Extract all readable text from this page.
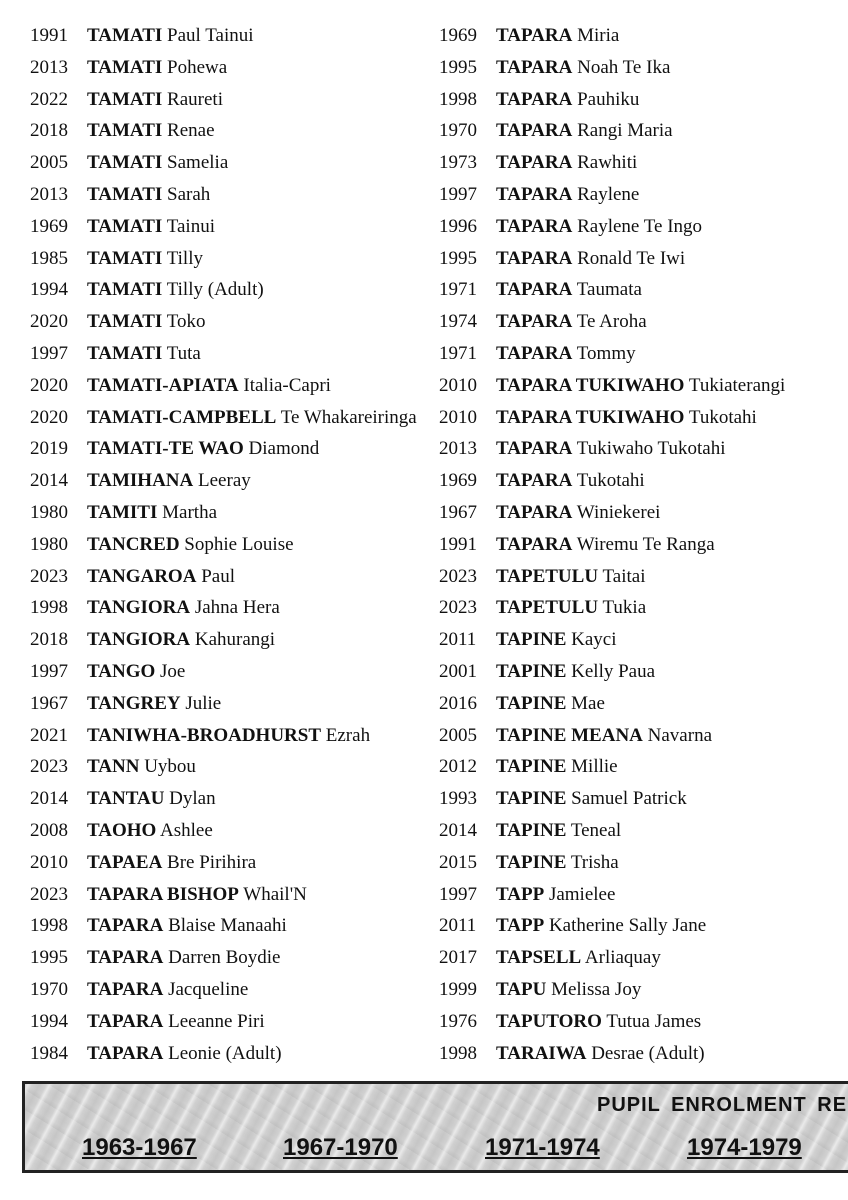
1991 TAMATI Paul Tainui
2013 TAMATI Pohewa
2022 TAMATI Raureti
2018 TAMATI Renae
2005 TAMATI Samelia
2013 TAMATI Sarah
1969 TAMATI Tainui
1985 TAMATI Tilly
1994 TAMATI Tilly (Adult)
2020 TAMATI Toko
1997 TAMATI Tuta
2020 TAMATI-APIATA Italia-Capri
2020 TAMATI-CAMPBELL Te Whakareiringa
2019 TAMATI-TE WAO Diamond
2014 TAMIHANA Leeray
1980 TAMITI Martha
1980 TANCRED Sophie Louise
2023 TANGAROA Paul
1998 TANGIORA Jahna Hera
2018 TANGIORA Kahurangi
1997 TANGO Joe
1967 TANGREY Julie
2021 TANIWHA-BROADHURST Ezrah
2023 TANN Uybou
2014 TANTAU Dylan
2008 TAOHO Ashlee
2010 TAPAEA Bre Pirihira
2023 TAPARA BISHOP Whail'N
1998 TAPARA Blaise Manaahi
1995 TAPARA Darren Boydie
1970 TAPARA Jacqueline
1994 TAPARA Leeanne Piri
1984 TAPARA Leonie (Adult)
1969 TAPARA Miria
1995 TAPARA Noah Te Ika
1998 TAPARA Pauhiku
1970 TAPARA Rangi Maria
1973 TAPARA Rawhiti
1997 TAPARA Raylene
1996 TAPARA Raylene Te Ingo
1995 TAPARA Ronald Te Iwi
1971 TAPARA Taumata
1974 TAPARA Te Aroha
1971 TAPARA Tommy
2010 TAPARA TUKIWAHO Tukiaterangi
2010 TAPARA TUKIWAHO Tukotahi
2013 TAPARA Tukiwaho Tukotahi
1969 TAPARA Tukotahi
1967 TAPARA Winiekerei
1991 TAPARA Wiremu Te Ranga
2023 TAPETULU Taitai
2023 TAPETULU Tukia
2011 TAPINE Kayci
2001 TAPINE Kelly Paua
2016 TAPINE Mae
2005 TAPINE MEANA Navarna
2012 TAPINE Millie
1993 TAPINE Samuel Patrick
2014 TAPINE Teneal
2015 TAPINE Trisha
1997 TAPP Jamielee
2011 TAPP Katherine Sally Jane
2017 TAPSELL Arliaquay
1999 TAPU Melissa Joy
1976 TAPUTORO Tutua James
1998 TARAIWA Desrae (Adult)
PUPIL ENROLMENT RE
1963-1967	1967-1970	1971-1974	1974-1979
